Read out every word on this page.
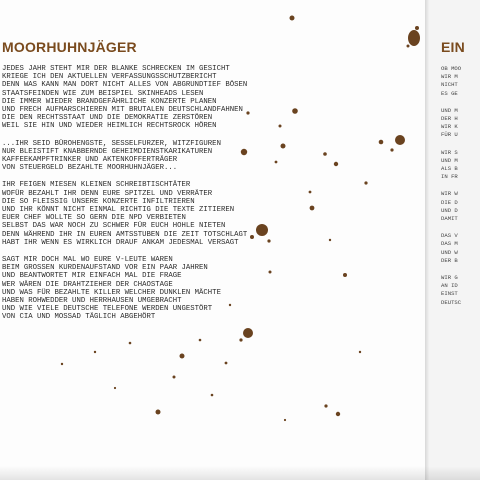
MOORHUHNJÄGER
JEDES JAHR STEHT MIR DER BLANKE SCHRECKEN IM GESICHT
KRIEGE ICH DEN AKTUELLEN VERFASSUNGSSCHUTZBERICHT
DENN WAS KANN MAN DORT NICHT ALLES VON ABGRUNDTIEF BÖSEN
STAATSFEINDEN WIE ZUM BEISPIEL SKINHEADS LESEN
DIE IMMER WIEDER BRANDGEFÄHRLICHE KONZERTE PLANEN
UND FRECH AUFMARSCHIEREN MIT BRUTALEN DEUTSCHLANDFAHNEN
DIE DEN RECHTSSTAAT UND DIE DEMOKRATIE ZERSTÖREN
WEIL SIE HIN UND WIEDER HEIMLICH RECHTSROCK HÖREN
...IHR SEID BÜROHENGSTE, SESSELFURZER, WITZFIGUREN
NUR BLEISTIFT KNABBERNDE GEHEIMDIENSTKARIKATUREN
KAFFEEKAMPFTRINKER UND AKTENKOFFERTRÄGER
VON STEUERGELD BEZAHLTE MOORHUHNJÄGER...
IHR FEIGEN MIESEN KLEINEN SCHREIBTISCHTÄTER
WOFÜR BEZAHLT IHR DENN EURE SPITZEL UND VERRÄTER
DIE SO FLEISSIG UNSERE KONZERTE INFILTRIEREN
UND IHR KÖNNT NICHT EINMAL RICHTIG DIE TEXTE ZITIEREN
EUER CHEF WOLLTE SO GERN DIE NPD VERBIETEN
SELBST DAS WAR NOCH ZU SCHWER FÜR EUCH HOHLE NIETEN
DENN WÄHREND IHR IN EUREN AMTSSTUBEN DIE ZEIT TOTSCHLAGT
HABT IHR WENN ES WIRKLICH DRAUF ANKAM JEDESMAL VERSAGT
SAGT MIR DOCH MAL WO EURE V-LEUTE WAREN
BEIM GROSSEN KURDENAUFSTAND VOR EIN PAAR JAHREN
UND BEANTWORTET MIR EINFACH MAL DIE FRAGE
WER WÄREN DIE DRAHTZIEHER DER CHAOSTAGE
UND WAS FÜR BEZAHLTE KILLER WELCHER DUNKLEN MÄCHTE
HABEN ROHWEDDER UND HERRHAUSEN UMGEBRACHT
UND WIE VIELE DEUTSCHE TELEFONE WERDEN UNGESTÖRT
VON CIA UND MOSSAD TÄGLICH ABGEHÖRT
EIN
OB MOO
WIR M
NICHT
ES GE
UND M
DER H
WIR K
FÜR U
WIR S
UND M
ALS B
IN FR
WIR W
DIE D
UND D
DAMIT
DAS V
DAS M
UND W
DER B
WIR G
AN ID
EINST
DEUTSC
